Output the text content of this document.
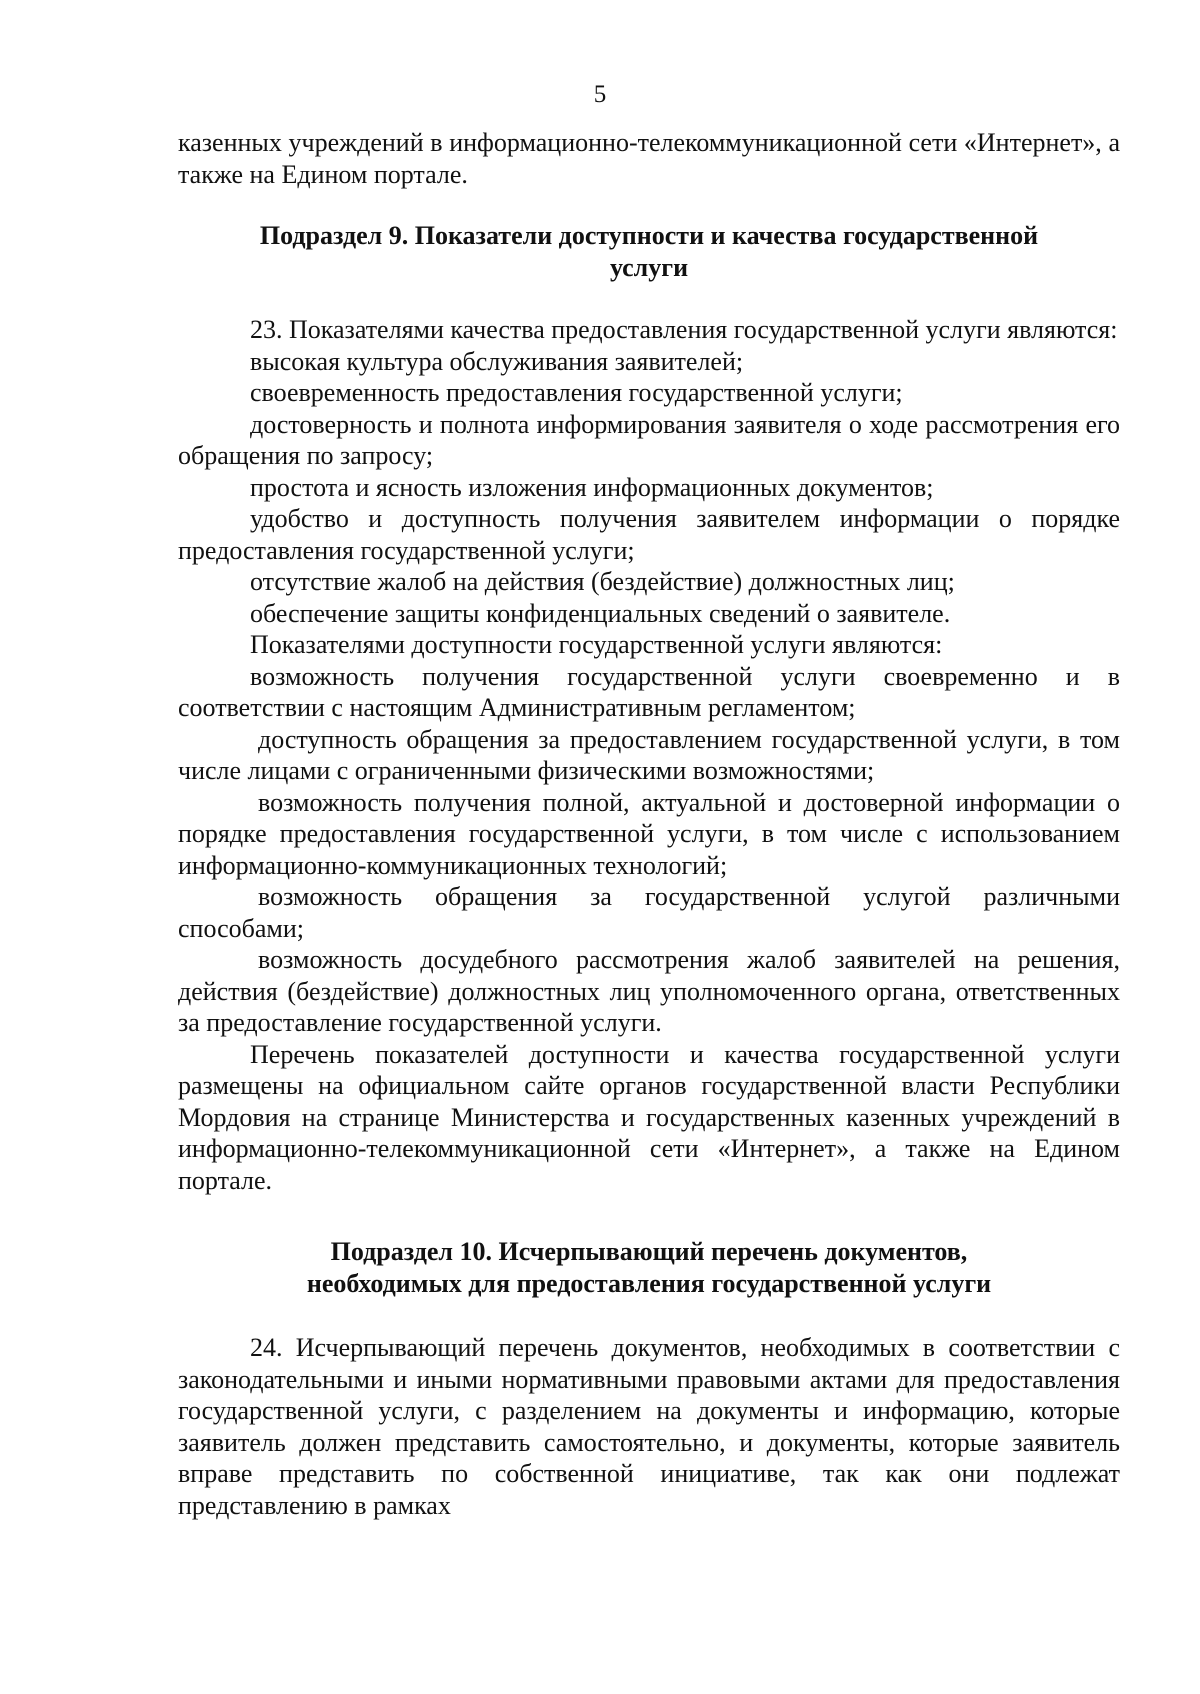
5

казенных учреждений в информационно-телекоммуникационной сети «Интернет», а также на Едином портале.

Подраздел 9. Показатели доступности и качества государственной
услуги

23. Показателями качества предоставления государственной услуги являются:

высокая культура обслуживания заявителей;

своевременность предоставления государственной услуги;

достоверность и полнота информирования заявителя о ходе рассмотрения его обращения по запросу;

простота и ясность изложения информационных документов;

удобство и доступность получения заявителем информации о порядке предоставления государственной услуги;

отсутствие жалоб на действия (бездействие) должностных лиц;

обеспечение защиты конфиденциальных сведений о заявителе.

Показателями доступности государственной услуги являются:

возможность получения государственной услуги своевременно и в соответствии с настоящим Административным регламентом;

доступность обращения за предоставлением государственной услуги, в том числе лицами с ограниченными физическими возможностями;

возможность получения полной, актуальной и достоверной информации о порядке предоставления государственной услуги, в том числе с использованием информационно-коммуникационных технологий;

возможность обращения за государственной услугой различными способами;

возможность досудебного рассмотрения жалоб заявителей на решения, действия (бездействие) должностных лиц уполномоченного органа, ответственных за предоставление государственной услуги.

Перечень показателей доступности и качества государственной услуги размещены на официальном сайте органов государственной власти Республики Мордовия на странице Министерства и государственных казенных учреждений в информационно-телекоммуникационной сети «Интернет», а также на Едином портале.

Подраздел 10. Исчерпывающий перечень документов,
необходимых для предоставления государственной услуги

24. Исчерпывающий перечень документов, необходимых в соответствии с законодательными и иными нормативными правовыми актами для предоставления государственной услуги, с разделением на документы и информацию, которые заявитель должен представить самостоятельно, и документы, которые заявитель вправе представить по собственной инициативе, так как они подлежат представлению в рамках
